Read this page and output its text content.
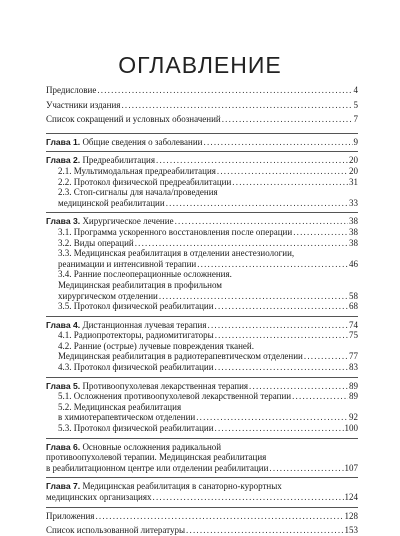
ОГЛАВЛЕНИЕ
Предисловие .....	4
Участники издания .....	5
Список сокращений и условных обозначений .....	7
Глава 1. Общие сведения о заболевании .....	9
Глава 2. Предреабилитация .....	20
2.1. Мультимодальная предреабилитация .....	20
2.2. Протокол физической предреабилитации .....	31
2.3. Стоп-сигналы для начала/проведения
медицинской реабилитации .....	33
Глава 3. Хирургическое лечение .....	38
3.1. Программа ускоренного восстановления после операции .....	38
3.2. Виды операций .....	38
3.3. Медицинская реабилитация в отделении анестезиологии,
реанимации и интенсивной терапии .....	46
3.4. Ранние послеоперационные осложнения.
Медицинская реабилитация в профильном
хирургическом отделении .....	58
3.5. Протокол физической реабилитации .....	68
Глава 4. Дистанционная лучевая терапия .....	74
4.1. Радиопротекторы, радиомитигаторы .....	75
4.2. Ранние (острые) лучевые повреждения тканей.
Медицинская реабилитация в радиотерапевтическом отделении .....	77
4.3. Протокол физической реабилитации .....	83
Глава 5. Противоопухолевая лекарственная терапия .....	89
5.1. Осложнения противоопухолевой лекарственной терапии .....	89
5.2. Медицинская реабилитация
в химиотерапевтическом отделении .....	92
5.3. Протокол физической реабилитации .....	100
Глава 6. Основные осложнения радикальной
противоопухолевой терапии. Медицинская реабилитация
в реабилитационном центре или отделении реабилитации .....	107
Глава 7. Медицинская реабилитация в санаторно-курортных
медицинских организациях .....	124
Приложения .....	128
Список использованной литературы .....	153
